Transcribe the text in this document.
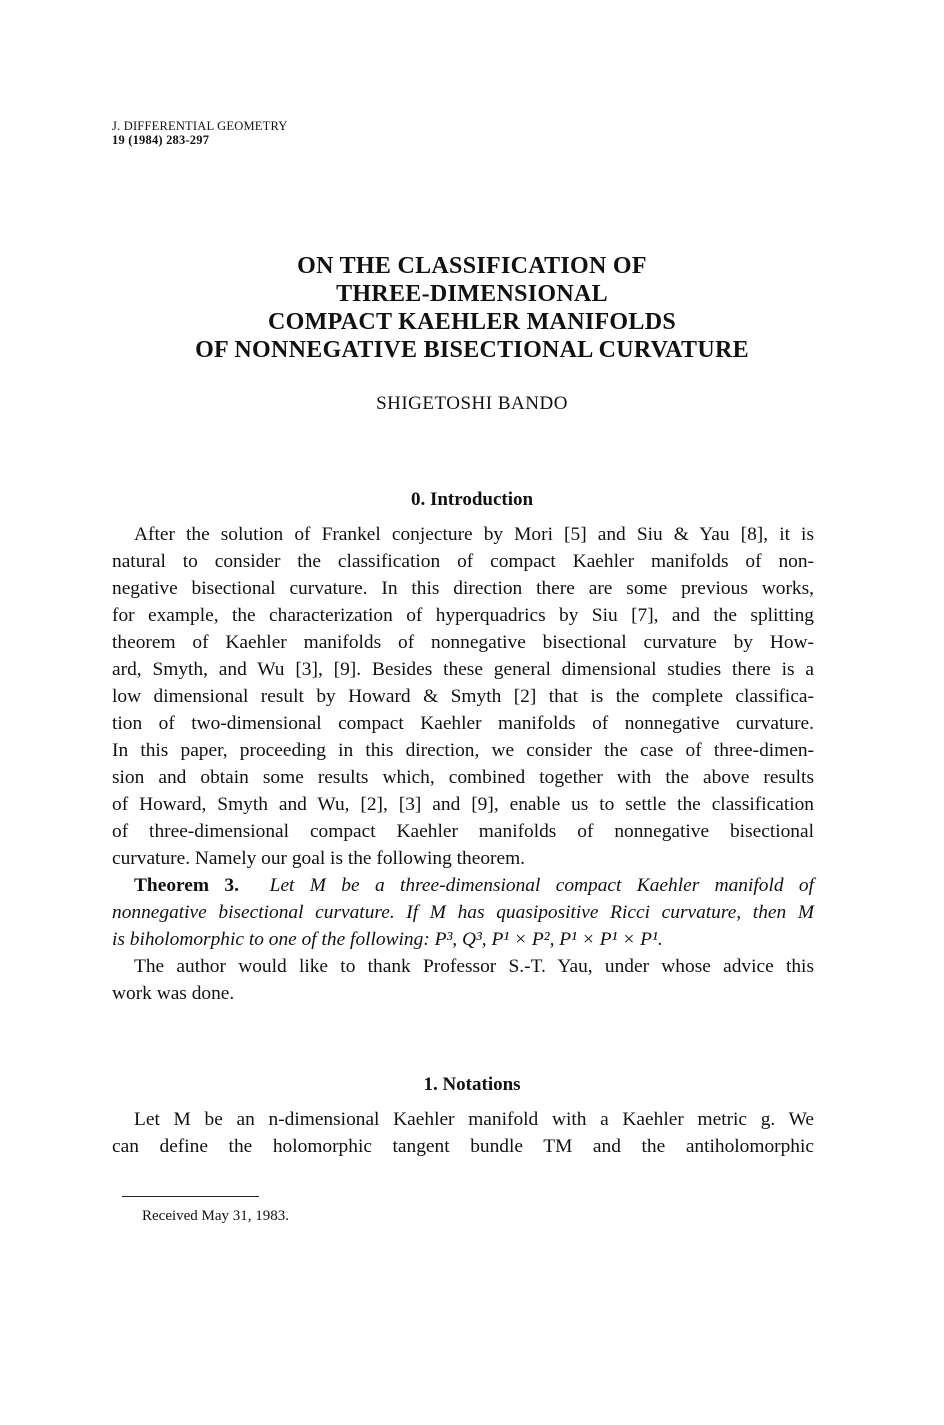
J. DIFFERENTIAL GEOMETRY
19 (1984) 283-297
ON THE CLASSIFICATION OF
THREE-DIMENSIONAL
COMPACT KAEHLER MANIFOLDS
OF NONNEGATIVE BISECTIONAL CURVATURE
SHIGETOSHI BANDO
0. Introduction
After the solution of Frankel conjecture by Mori [5] and Siu & Yau [8], it is
natural to consider the classification of compact Kaehler manifolds of non-
negative bisectional curvature. In this direction there are some previous works,
for example, the characterization of hyperquadrics by Siu [7], and the splitting
theorem of Kaehler manifolds of nonnegative bisectional curvature by How-
ard, Smyth, and Wu [3], [9]. Besides these general dimensional studies there is a
low dimensional result by Howard & Smyth [2] that is the complete classifica-
tion of two-dimensional compact Kaehler manifolds of nonnegative curvature.
In this paper, proceeding in this direction, we consider the case of three-dimen-
sion and obtain some results which, combined together with the above results
of Howard, Smyth and Wu, [2], [3] and [9], enable us to settle the classification
of three-dimensional compact Kaehler manifolds of nonnegative bisectional
curvature. Namely our goal is the following theorem.
Theorem 3. Let M be a three-dimensional compact Kaehler manifold of
nonnegative bisectional curvature. If M has quasipositive Ricci curvature, then M
is biholomorphic to one of the following: P³, Q³, P¹ × P², P¹ × P¹ × P¹.
The author would like to thank Professor S.-T. Yau, under whose advice this
work was done.
1. Notations
Let M be an n-dimensional Kaehler manifold with a Kaehler metric g. We
can define the holomorphic tangent bundle TM and the antiholomorphic
Received May 31, 1983.
